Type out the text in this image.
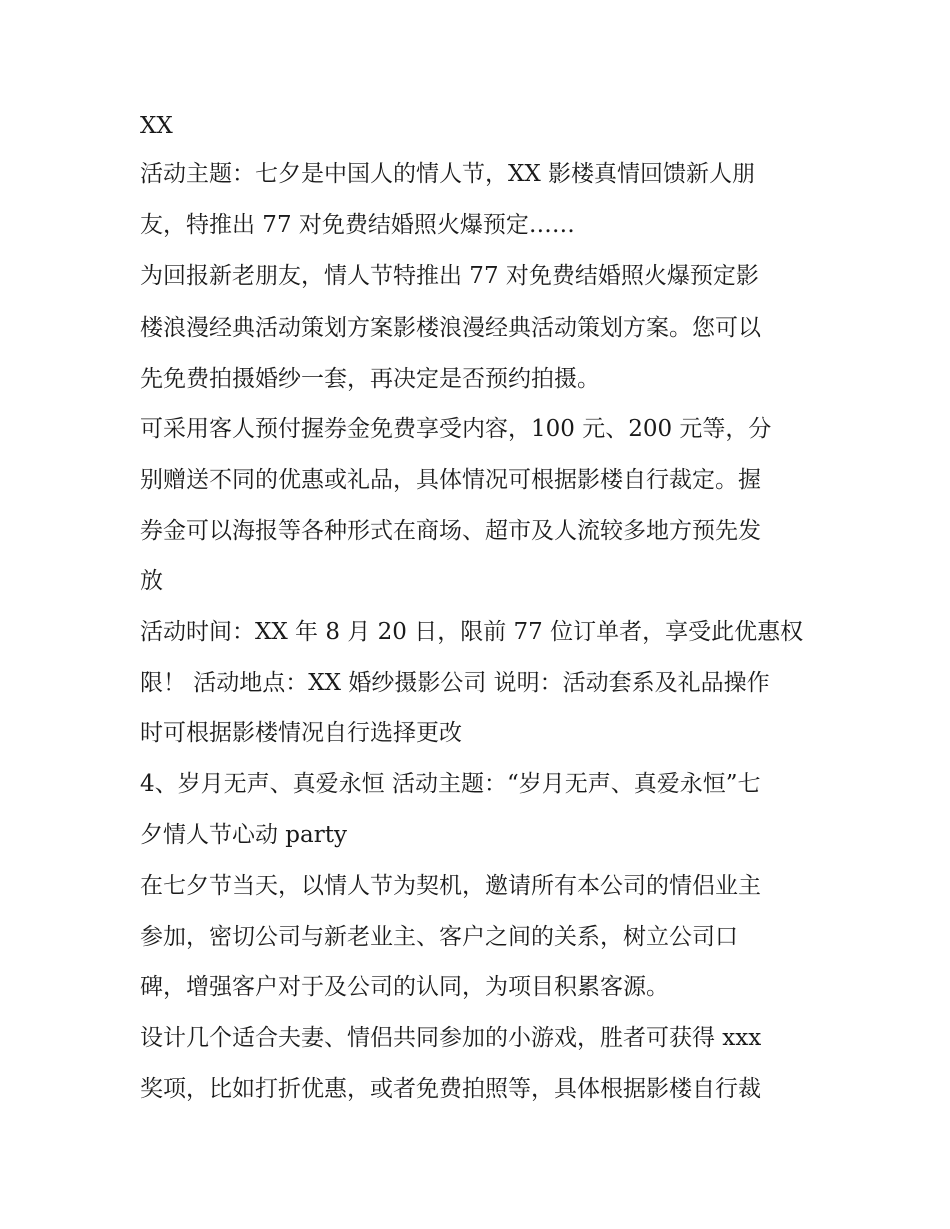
XX
活动主题：七夕是中国人的情人节，XX 影楼真情回馈新人朋
友，特推出 77 对免费结婚照火爆预定……
为回报新老朋友，情人节特推出 77 对免费结婚照火爆预定影
楼浪漫经典活动策划方案影楼浪漫经典活动策划方案。您可以
先免费拍摄婚纱一套，再决定是否预约拍摄。
可采用客人预付握券金免费享受内容，100 元、200 元等，分
别赠送不同的优惠或礼品，具体情况可根据影楼自行裁定。握
券金可以海报等各种形式在商场、超市及人流较多地方预先发
放
活动时间：XX 年 8 月 20 日，限前 77 位订单者，享受此优惠权
限！ 活动地点：XX 婚纱摄影公司 说明：活动套系及礼品操作
时可根据影楼情况自行选择更改
4、岁月无声、真爱永恒 活动主题：“岁月无声、真爱永恒”七
夕情人节心动 party
在七夕节当天，以情人节为契机，邀请所有本公司的情侣业主
参加，密切公司与新老业主、客户之间的关系，树立公司口
碑，增强客户对于及公司的认同，为项目积累客源。
设计几个适合夫妻、情侣共同参加的小游戏，胜者可获得 xxx
奖项，比如打折优惠，或者免费拍照等，具体根据影楼自行裁
